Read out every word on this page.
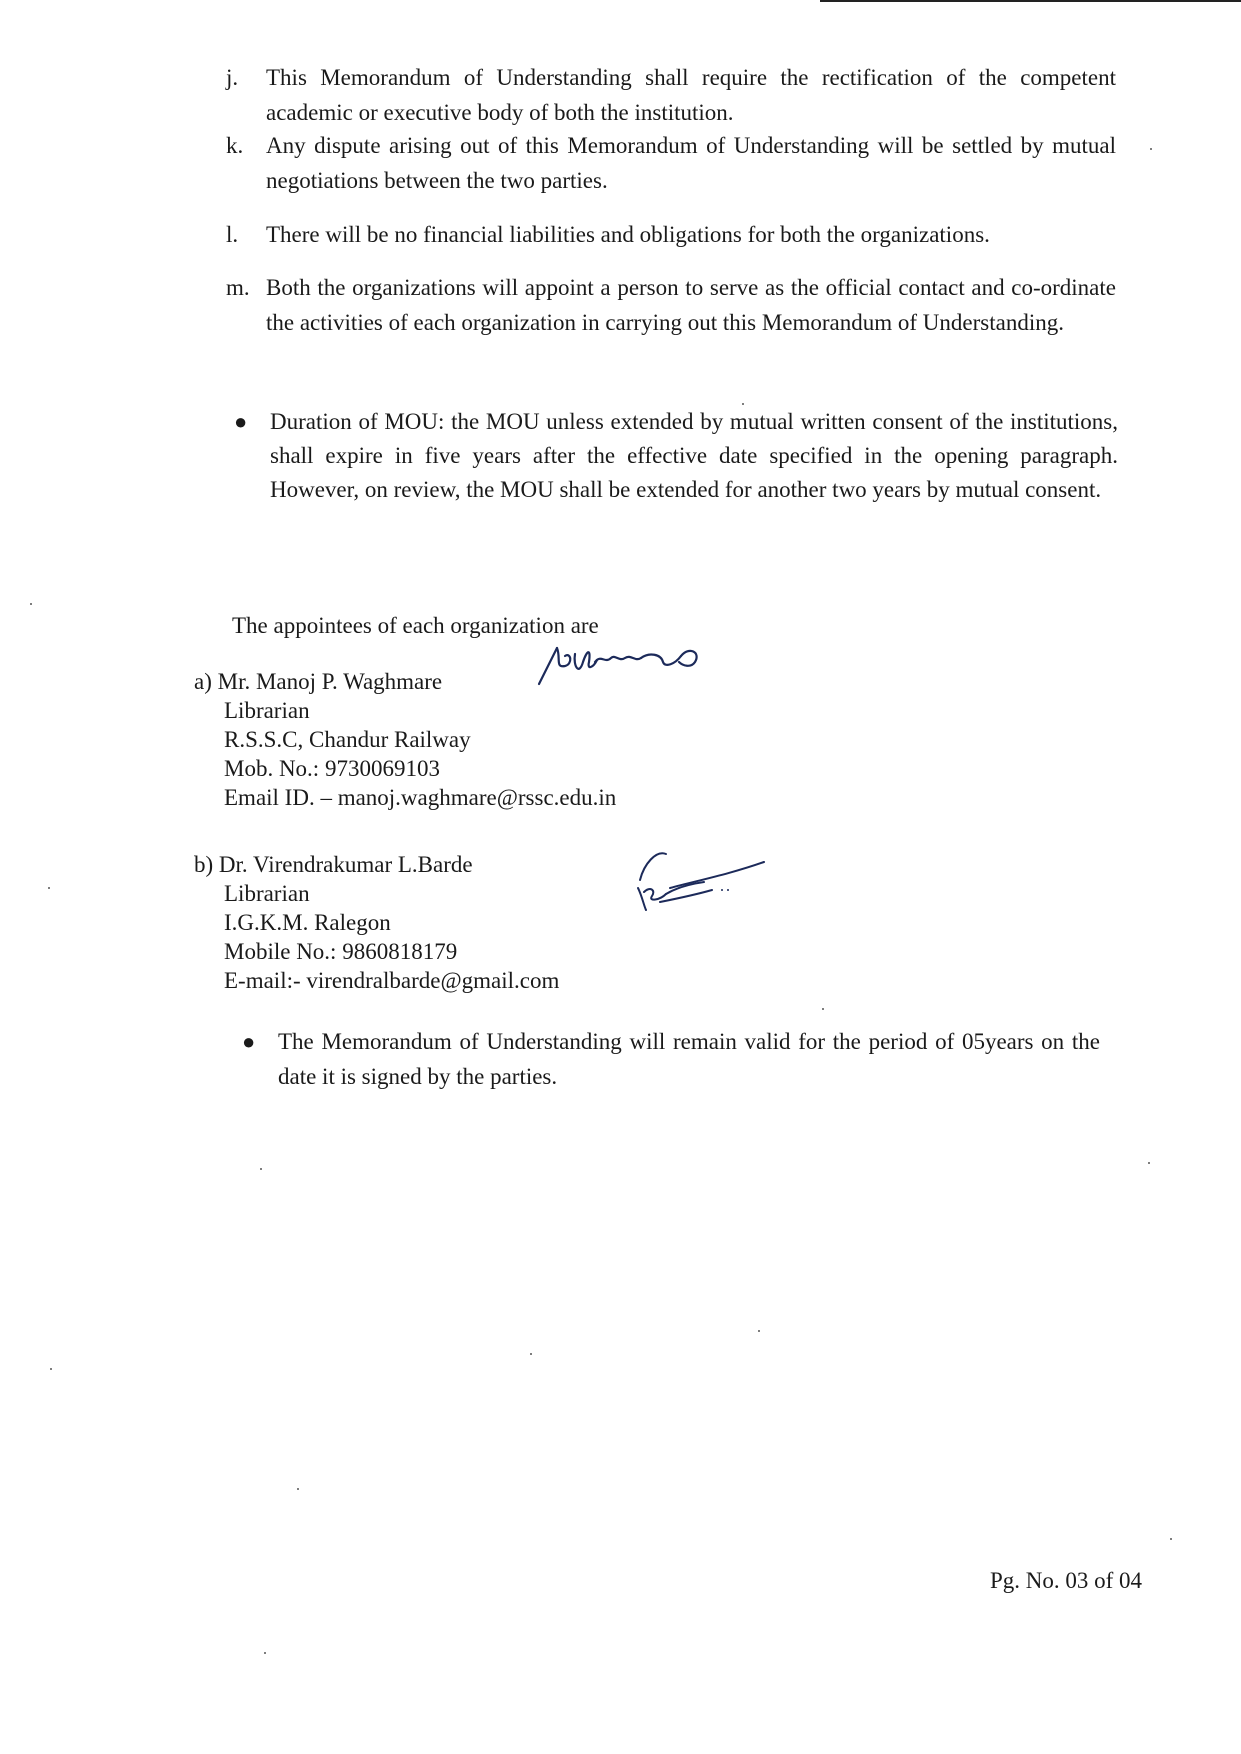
j.	This Memorandum of Understanding shall require the rectification of the competent academic or executive body of both the institution.
k. Any dispute arising out of this Memorandum of Understanding will be settled by mutual negotiations between the two parties.
l.	There will be no financial liabilities and obligations for both the organizations.
m. Both the organizations will appoint a person to serve as the official contact and co-ordinate the activities of each organization in carrying out this Memorandum of Understanding.
● Duration of MOU: the MOU unless extended by mutual written consent of the institutions, shall expire in five years after the effective date specified in the opening paragraph. However, on review, the MOU shall be extended for another two years by mutual consent.
The appointees of each organization are
a) Mr. Manoj P. Waghmare
Librarian
R.S.S.C, Chandur Railway
Mob. No.: 9730069103
Email ID. – manoj.waghmare@rssc.edu.in
b) Dr. Virendrakumar L.Barde
Librarian
I.G.K.M. Ralegon
Mobile No.: 9860818179
E-mail:- virendralbarde@gmail.com
● The Memorandum of Understanding will remain valid for the period of 05years on the date it is signed by the parties.
Pg. No. 03 of 04
